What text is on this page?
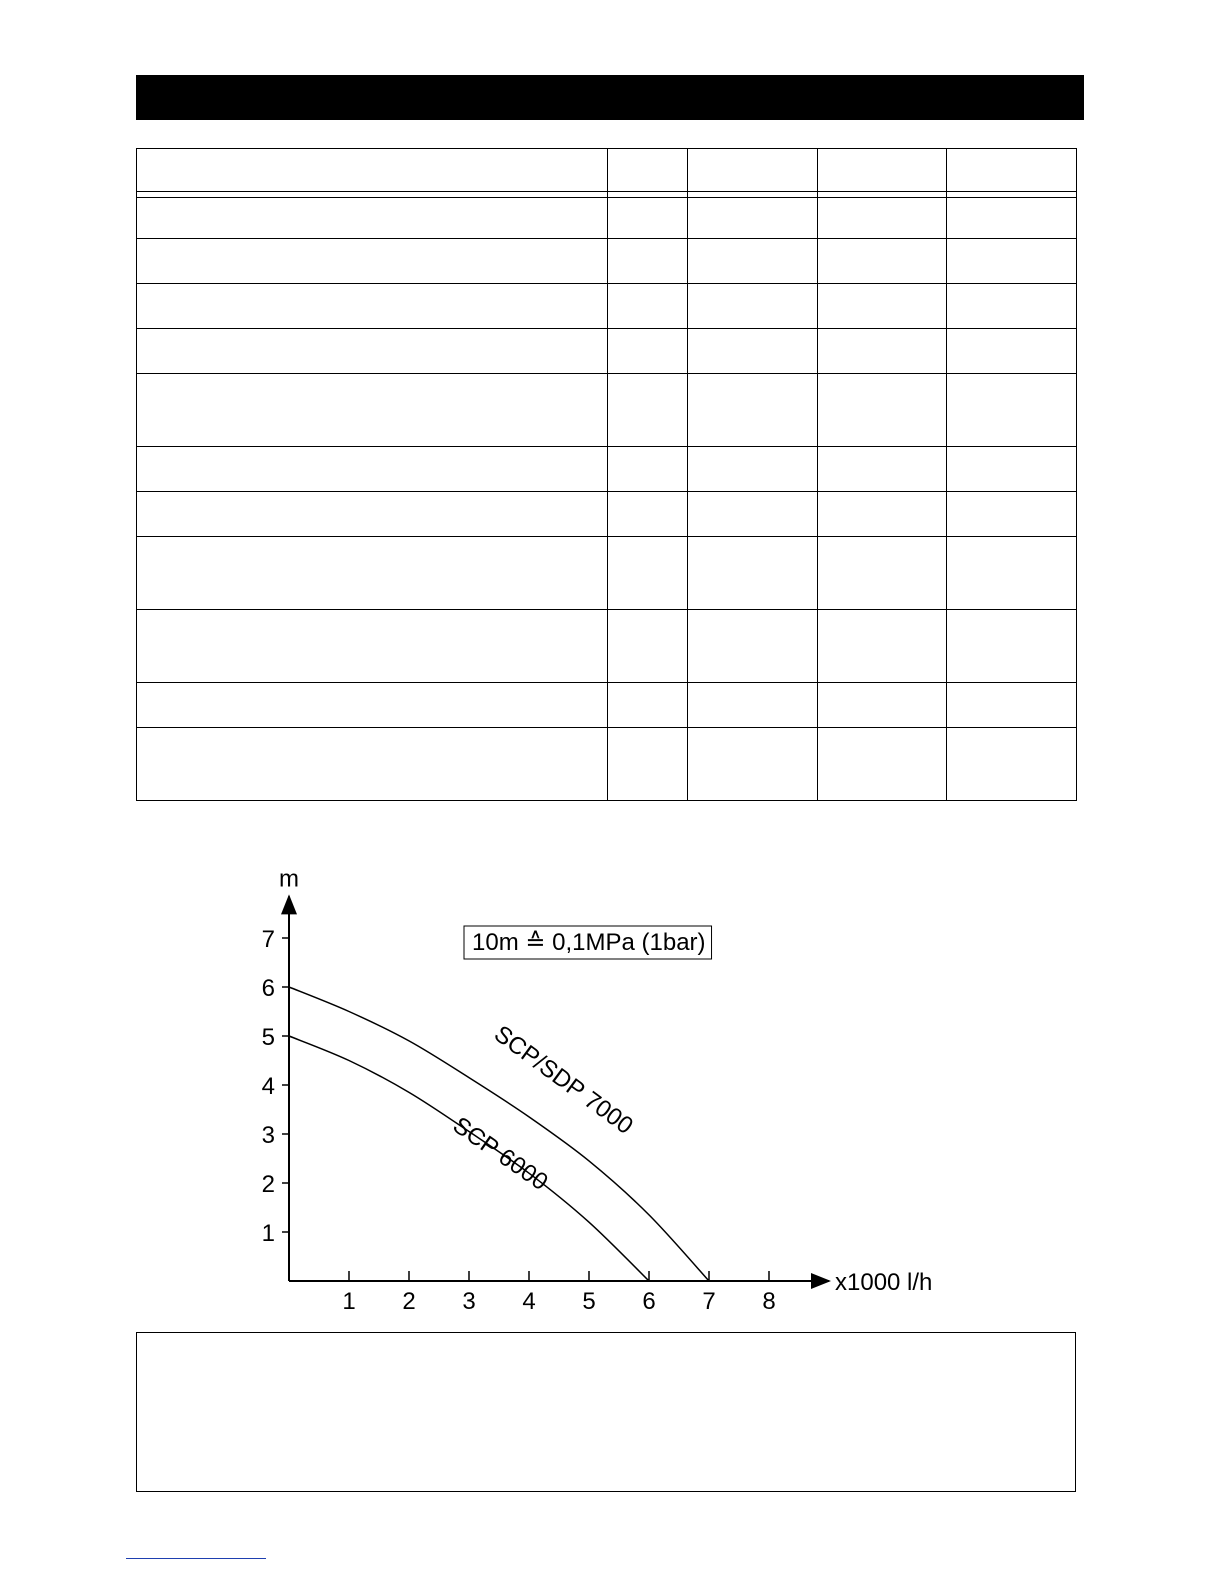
1 2 3 4 5 6 7 8
1
2
3
4
5
6
7
x1000 l/h
m
SCP/SDP 7000
SCP 6000
10m ≙ 0,1MPa (1bar)
